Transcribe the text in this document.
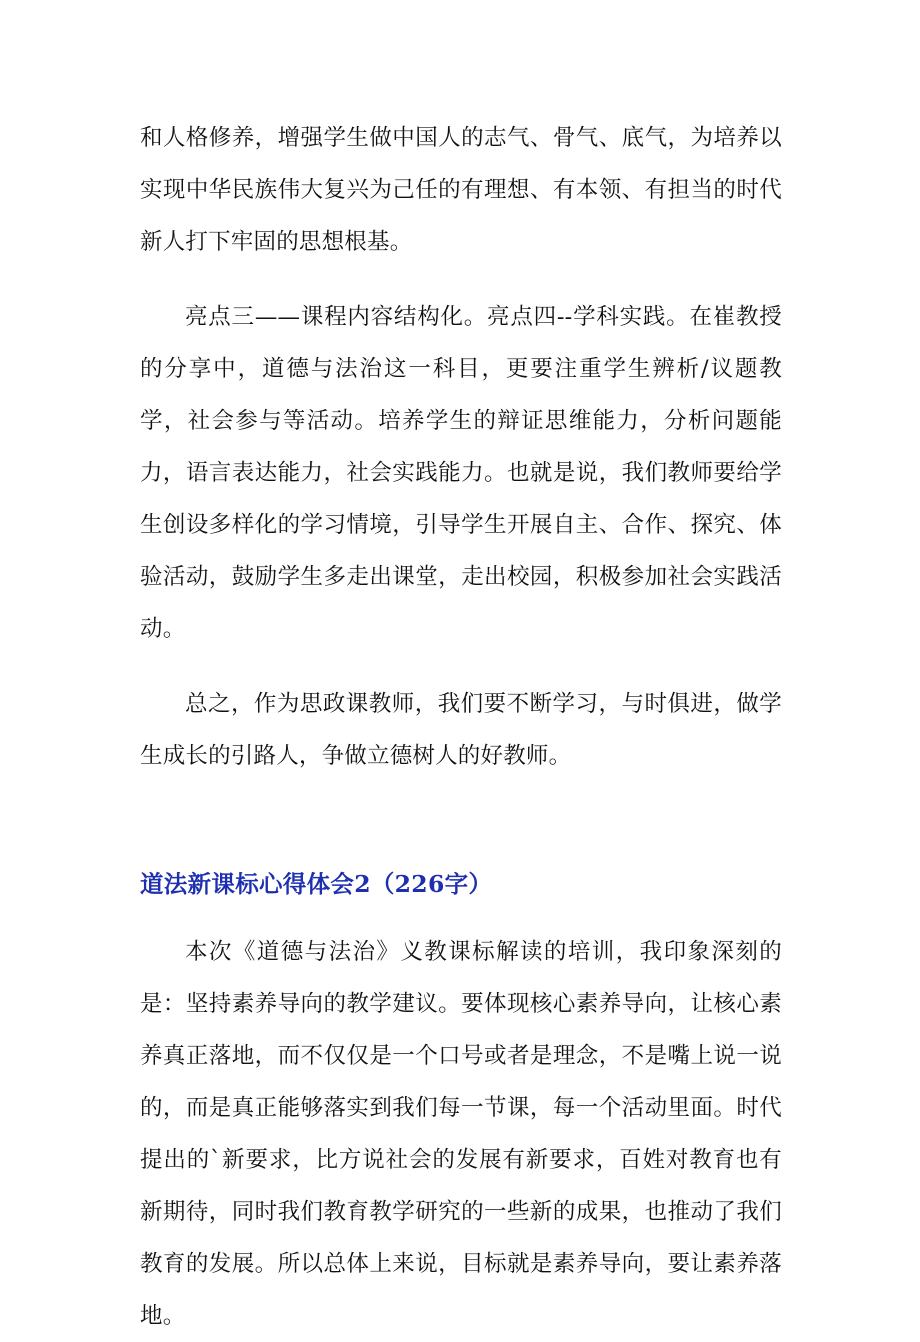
和人格修养，增强学生做中国人的志气、骨气、底气，为培养以实现中华民族伟大复兴为己任的有理想、有本领、有担当的时代新人打下牢固的思想根基。

亮点三——课程内容结构化。亮点四--学科实践。在崔教授的分享中，道德与法治这一科目，更要注重学生辨析/议题教学，社会参与等活动。培养学生的辩证思维能力，分析问题能力，语言表达能力，社会实践能力。也就是说，我们教师要给学生创设多样化的学习情境，引导学生开展自主、合作、探究、体验活动，鼓励学生多走出课堂，走出校园，积极参加社会实践活动。

总之，作为思政课教师，我们要不断学习，与时俱进，做学生成长的引路人，争做立德树人的好教师。

道法新课标心得体会2（226字）

本次《道德与法治》义教课标解读的培训，我印象深刻的是：坚持素养导向的教学建议。要体现核心素养导向，让核心素养真正落地，而不仅仅是一个口号或者是理念，不是嘴上说一说的，而是真正能够落实到我们每一节课，每一个活动里面。时代提出的`新要求，比方说社会的发展有新要求，百姓对教育也有新期待，同时我们教育教学研究的一些新的成果，也推动了我们教育的发展。所以总体上来说，目标就是素养导向，要让素养落地。
